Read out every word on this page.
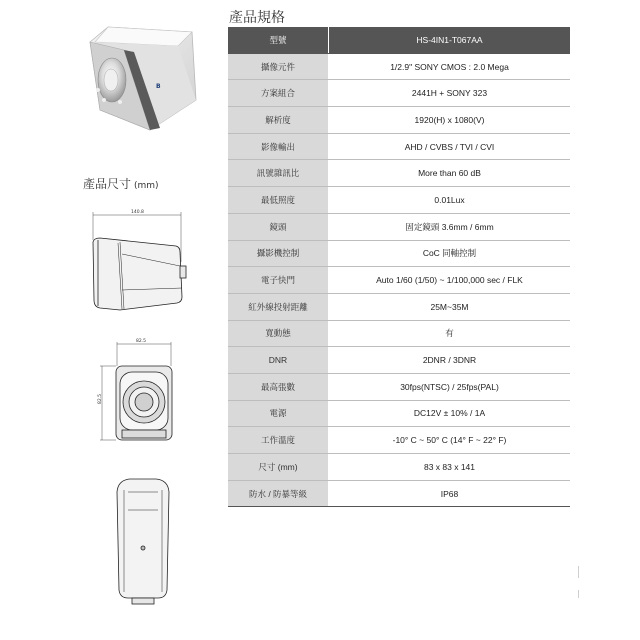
B
140.8
82.5
82.5
產品規格
產品尺寸 (mm)
型號	HS-4IN1-T067AA
攝像元件	1/2.9" SONY CMOS : 2.0 Mega
方案組合	2441H + SONY 323
解析度	1920(H) x 1080(V)
影像輸出	AHD / CVBS / TVI / CVI
訊號雜訊比	More than 60 dB
最低照度	0.01Lux
鏡頭	固定鏡頭 3.6mm / 6mm
攝影機控制	CoC 同軸控制
電子快門	Auto 1/60 (1/50) ~ 1/100,000 sec / FLK
紅外線投射距離	25M~35M
寬動態	有
DNR	2DNR / 3DNR
最高張數	30fps(NTSC) / 25fps(PAL)
電源	DC12V ± 10% / 1A
工作溫度	-10° C ~ 50° C (14° F ~ 22° F)
尺寸 (mm)	83 x 83 x 141
防水 / 防暴等級	IP68
